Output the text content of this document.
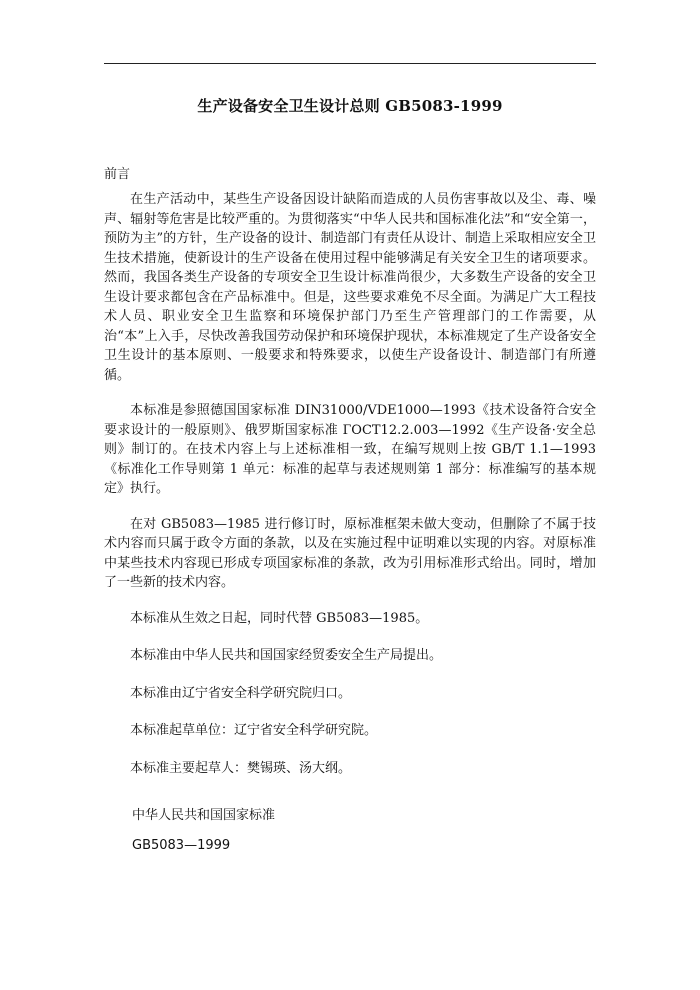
生产设备安全卫生设计总则 GB5083-1999

前言

在生产活动中，某些生产设备因设计缺陷而造成的人员伤害事故以及尘、毒、噪声、辐射等危害是比较严重的。为贯彻落实“中华人民共和国标准化法”和“安全第一，预防为主”的方针，生产设备的设计、制造部门有责任从设计、制造上采取相应安全卫生技术措施，使新设计的生产设备在使用过程中能够满足有关安全卫生的诸项要求。然而，我国各类生产设备的专项安全卫生设计标准尚很少，大多数生产设备的安全卫生设计要求都包含在产品标准中。但是，这些要求难免不尽全面。为满足广大工程技术人员、职业安全卫生监察和环境保护部门乃至生产管理部门的工作需要，从治“本”上入手，尽快改善我国劳动保护和环境保护现状，本标准规定了生产设备安全卫生设计的基本原则、一般要求和特殊要求，以使生产设备设计、制造部门有所遵循。

本标准是参照德国国家标准 DIN31000/VDE1000—1993《技术设备符合安全要求设计的一般原则》、俄罗斯国家标准 ГОСТ12.2.003—1992《生产设备·安全总则》制订的。在技术内容上与上述标准相一致，在编写规则上按 GB/T 1.1—1993《标准化工作导则第 1 单元：标准的起草与表述规则第 1 部分：标准编写的基本规定》执行。

在对 GB5083—1985 进行修订时，原标准框架未做大变动，但删除了不属于技术内容而只属于政令方面的条款，以及在实施过程中证明难以实现的内容。对原标准中某些技术内容现已形成专项国家标准的条款，改为引用标准形式给出。同时，增加了一些新的技术内容。

本标准从生效之日起，同时代替 GB5083—1985。

本标准由中华人民共和国国家经贸委安全生产局提出。

本标准由辽宁省安全科学研究院归口。

本标准起草单位：辽宁省安全科学研究院。

本标准主要起草人：樊锡瑛、汤大纲。

中华人民共和国国家标准

GB5083—1999
